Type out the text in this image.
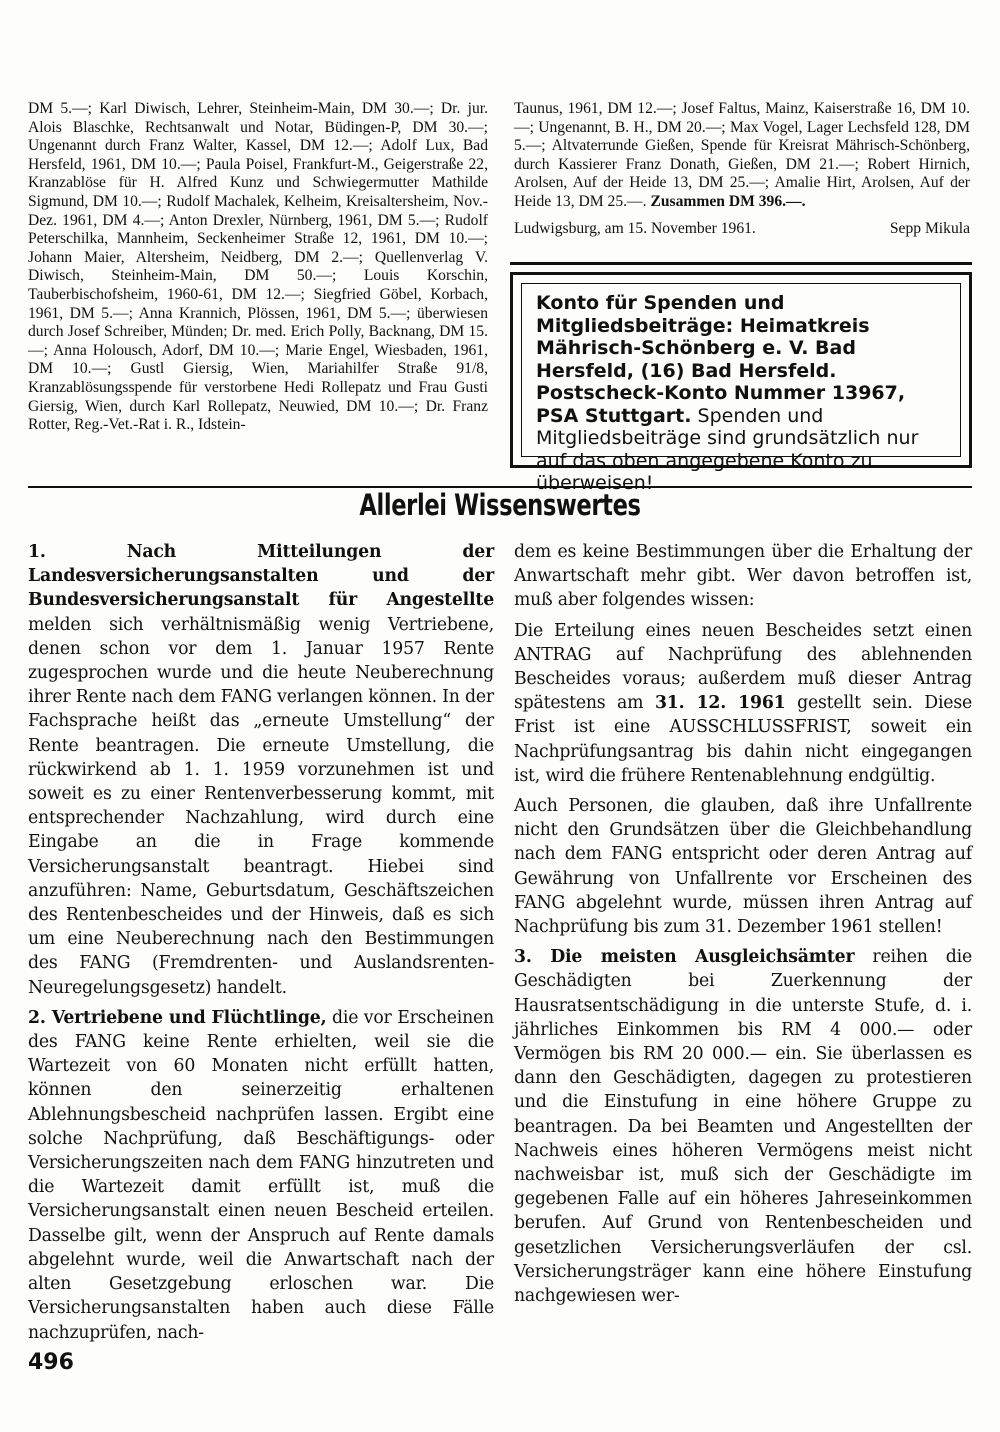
DM 5.—; Karl Diwisch, Lehrer, Steinheim-Main, DM 30.—; Dr. jur. Alois Blaschke, Rechtsanwalt und Notar, Büdingen-P, DM 30.—; Ungenannt durch Franz Walter, Kassel, DM 12.—; Adolf Lux, Bad Hersfeld, 1961, DM 10.—; Paula Poisel, Frankfurt-M., Geigerstraße 22, Kranzablöse für H. Alfred Kunz und Schwiegermutter Mathilde Sigmund, DM 10.—; Rudolf Machalek, Kelheim, Kreisaltersheim, Nov.-Dez. 1961, DM 4.—; Anton Drexler, Nürnberg, 1961, DM 5.—; Rudolf Peterschilka, Mannheim, Seckenheimer Straße 12, 1961, DM 10.—; Johann Maier, Altersheim, Neidberg, DM 2.—; Quellenverlag V. Diwisch, Steinheim-Main, DM 50.—; Louis Korschin, Tauberbischofsheim, 1960-61, DM 12.—; Siegfried Göbel, Korbach, 1961, DM 5.—; Anna Krannich, Plössen, 1961, DM 5.—; überwiesen durch Josef Schreiber, Münden; Dr. med. Erich Polly, Backnang, DM 15.—; Anna Holousch, Adorf, DM 10.—; Marie Engel, Wiesbaden, 1961, DM 10.—; Gustl Giersig, Wien, Mariahilfer Straße 91/8, Kranzablösungsspende für verstorbene Hedi Rollepatz und Frau Gusti Giersig, Wien, durch Karl Rollepatz, Neuwied, DM 10.—; Dr. Franz Rotter, Reg.-Vet.-Rat i. R., Idstein-

Taunus, 1961, DM 12.—; Josef Faltus, Mainz, Kaiserstraße 16, DM 10.—; Ungenannt, B. H., DM 20.—; Max Vogel, Lager Lechsfeld 128, DM 5.—; Altvaterrunde Gießen, Spende für Kreisrat Mährisch-Schönberg, durch Kassierer Franz Donath, Gießen, DM 21.—; Robert Hirnich, Arolsen, Auf der Heide 13, DM 25.—; Amalie Hirt, Arolsen, Auf der Heide 13, DM 25.—. Zusammen DM 396.—.

Ludwigsburg, am 15. November 1961.	Sepp Mikula
Konto für Spenden und Mitgliedsbeiträge: Heimatkreis Mährisch-Schönberg e. V. Bad Hersfeld, (16) Bad Hersfeld. Postscheck-Konto Nummer 13967, PSA Stuttgart. Spenden und Mitgliedsbeiträge sind grundsätzlich nur auf das oben angegebene Konto zu überweisen!
Allerlei Wissenswertes

1. Nach Mitteilungen der Landesversicherungsanstalten und der Bundesversicherungsanstalt für Angestellte melden sich verhältnismäßig wenig Vertriebene, denen schon vor dem 1. Januar 1957 Rente zugesprochen wurde und die heute Neuberechnung ihrer Rente nach dem FANG verlangen können. In der Fachsprache heißt das „erneute Umstellung“ der Rente beantragen. Die erneute Umstellung, die rückwirkend ab 1. 1. 1959 vorzunehmen ist und soweit es zu einer Rentenverbesserung kommt, mit entsprechender Nachzahlung, wird durch eine Eingabe an die in Frage kommende Versicherungsanstalt beantragt. Hiebei sind anzuführen: Name, Geburtsdatum, Geschäftszeichen des Rentenbescheides und der Hinweis, daß es sich um eine Neuberechnung nach den Bestimmungen des FANG (Fremdrenten- und Auslandsrenten-Neuregelungsgesetz) handelt.

2. Vertriebene und Flüchtlinge, die vor Erscheinen des FANG keine Rente erhielten, weil sie die Wartezeit von 60 Monaten nicht erfüllt hatten, können den seinerzeitig erhaltenen Ablehnungsbescheid nachprüfen lassen. Ergibt eine solche Nachprüfung, daß Beschäftigungs- oder Versicherungszeiten nach dem FANG hinzutreten und die Wartezeit damit erfüllt ist, muß die Versicherungsanstalt einen neuen Bescheid erteilen. Dasselbe gilt, wenn der Anspruch auf Rente damals abgelehnt wurde, weil die Anwartschaft nach der alten Gesetzgebung erloschen war. Die Versicherungsanstalten haben auch diese Fälle nachzuprüfen, nach-

dem es keine Bestimmungen über die Erhaltung der Anwartschaft mehr gibt. Wer davon betroffen ist, muß aber folgendes wissen:

Die Erteilung eines neuen Bescheides setzt einen ANTRAG auf Nachprüfung des ablehnenden Bescheides voraus; außerdem muß dieser Antrag spätestens am 31. 12. 1961 gestellt sein. Diese Frist ist eine AUSSCHLUSSFRIST, soweit ein Nachprüfungsantrag bis dahin nicht eingegangen ist, wird die frühere Rentenablehnung endgültig.

Auch Personen, die glauben, daß ihre Unfallrente nicht den Grundsätzen über die Gleichbehandlung nach dem FANG entspricht oder deren Antrag auf Gewährung von Unfallrente vor Erscheinen des FANG abgelehnt wurde, müssen ihren Antrag auf Nachprüfung bis zum 31. Dezember 1961 stellen!

3. Die meisten Ausgleichsämter reihen die Geschädigten bei Zuerkennung der Hausratsentschädigung in die unterste Stufe, d. i. jährliches Einkommen bis RM 4 000.— oder Vermögen bis RM 20 000.— ein. Sie überlassen es dann den Geschädigten, dagegen zu protestieren und die Einstufung in eine höhere Gruppe zu beantragen. Da bei Beamten und Angestellten der Nachweis eines höheren Vermögens meist nicht nachweisbar ist, muß sich der Geschädigte im gegebenen Falle auf ein höheres Jahreseinkommen berufen. Auf Grund von Rentenbescheiden und gesetzlichen Versicherungsverläufen der csl. Versicherungsträger kann eine höhere Einstufung nachgewiesen wer-

496
